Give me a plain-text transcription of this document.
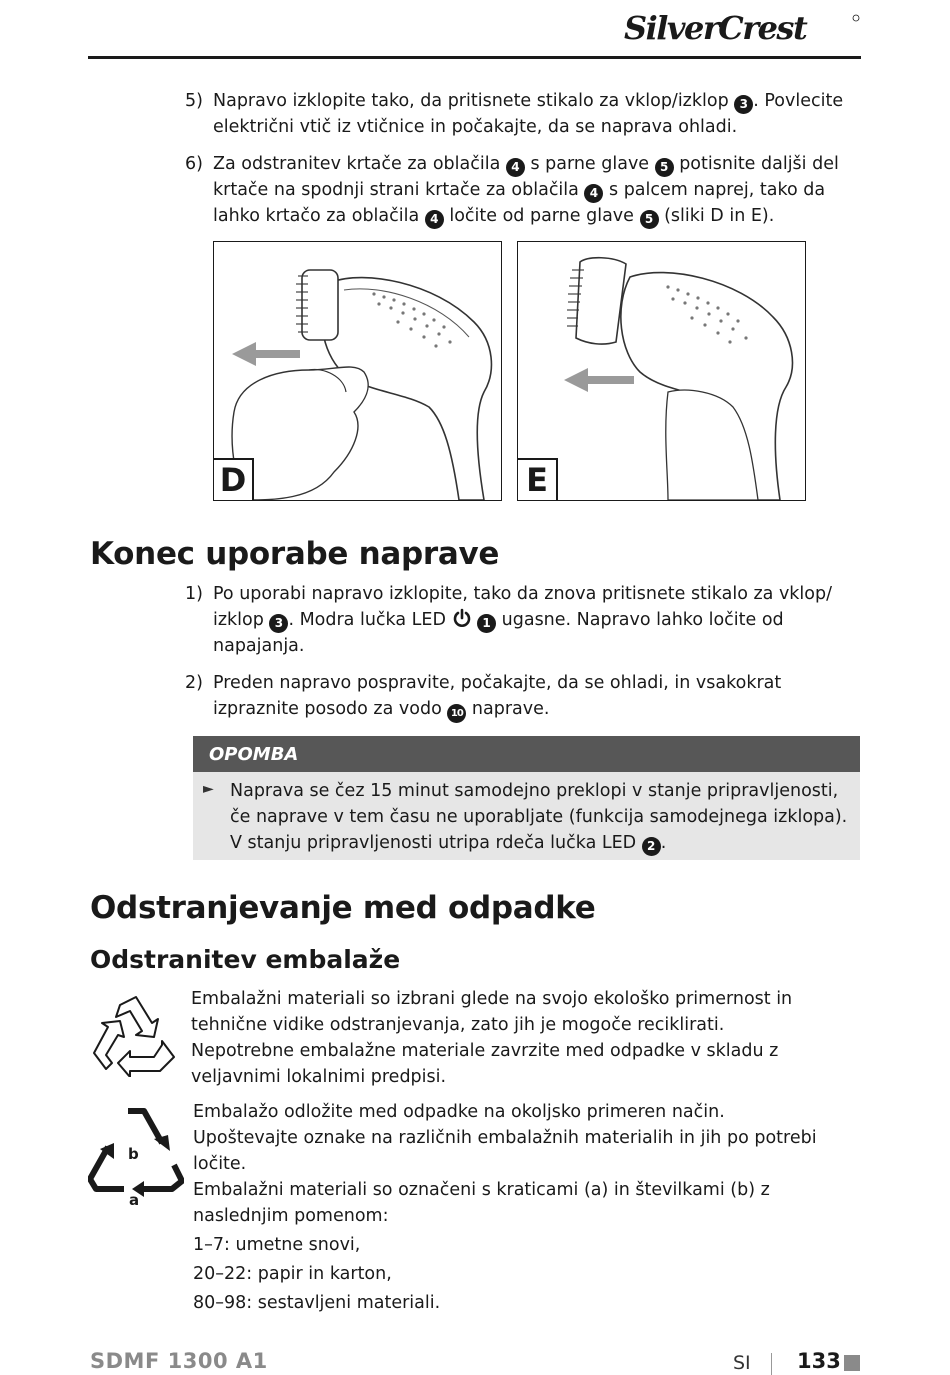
SilverCrest
5) Napravo izklopite tako, da pritisnete stikalo za vklop/izklop 3 . Povlecite električni vtič iz vtičnice in počakajte, da se naprava ohladi.
6) Za odstranitev krtače za oblačila 4 s parne glave 5 potisnite daljši del krtače na spodnji strani krtače za oblačila 4 s palcem naprej, tako da lahko krtačo za oblačila 4 ločite od parne glave 5 (sliki D in E).
D	E
Konec uporabe naprave
1) Po uporabi napravo izklopite, tako da znova pritisnete stikalo za vklop/ izklop 3 . Modra lučka LED	1 ugasne. Napravo lahko ločite od napajanja.
2) Preden napravo pospravite, počakajte, da se ohladi, in vsakokrat izpraznite posodo za vodo 10 naprave.
OPOMBA
► Naprava se čez 15 minut samodejno preklopi v stanje pripravljenosti, če naprave v tem času ne uporabljate (funkcija samodejnega izklopa).
V stanju pripravljenosti utripa rdeča lučka LED 2 .
Odstranjevanje med odpadke
Odstranitev embalaže
Embalažni materiali so izbrani glede na svojo ekološko primernost in tehnične vidike odstranjevanja, zato jih je mogoče reciklirati.
Nepotrebne embalažne materiale zavrzite med odpadke v skladu z veljavnimi lokalnimi predpisi.
b
a
Embalažo odložite med odpadke na okoljsko primeren način.
Upoštevajte oznake na različnih embalažnih materialih in jih po potrebi ločite.
Embalažni materiali so označeni s kraticami (a) in številkami (b) z naslednjim pomenom:
1–7: umetne snovi,
20–22: papir in karton,
80–98: sestavljeni materiali.
SDMF 1300 A1	SI 133
